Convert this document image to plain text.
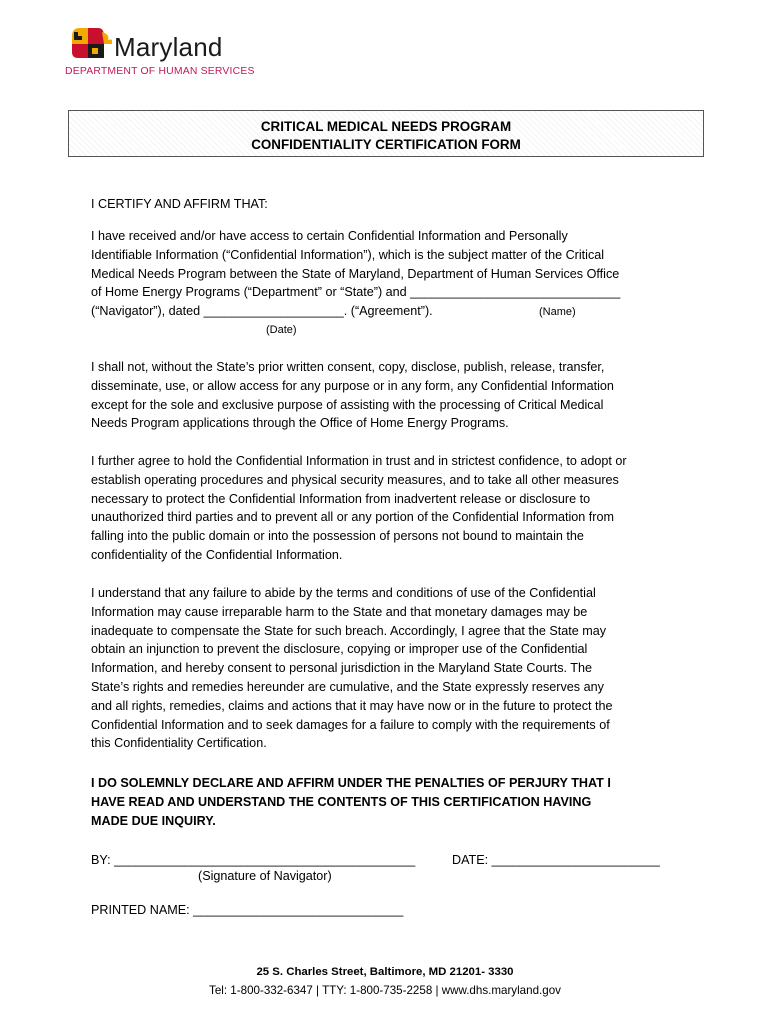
Maryland
DEPARTMENT OF HUMAN SERVICES
CRITICAL MEDICAL NEEDS PROGRAM
CONFIDENTIALITY CERTIFICATION FORM
I CERTIFY AND AFFIRM THAT:

I have received and/or have access to certain Confidential Information and Personally

Identifiable Information (“Confidential Information”), which is the subject matter of the Critical

Medical Needs Program between the State of Maryland, Department of Human Services Office

of Home Energy Programs (“Department” or “State”) and ______________________________

(“Navigator”), dated ____________________. (“Agreement”).	(Name)
(Date)

I shall not, without the State’s prior written consent, copy, disclose, publish, release, transfer,

disseminate, use, or allow access for any purpose or in any form, any Confidential Information

except for the sole and exclusive purpose of assisting with the processing of Critical Medical

Needs Program applications through the Office of Home Energy Programs.

I further agree to hold the Confidential Information in trust and in strictest confidence, to adopt or

establish operating procedures and physical security measures, and to take all other measures

necessary to protect the Confidential Information from inadvertent release or disclosure to

unauthorized third parties and to prevent all or any portion of the Confidential Information from

falling into the public domain or into the possession of persons not bound to maintain the

confidentiality of the Confidential Information.

I understand that any failure to abide by the terms and conditions of use of the Confidential

Information may cause irreparable harm to the State and that monetary damages may be

inadequate to compensate the State for such breach. Accordingly, I agree that the State may

obtain an injunction to prevent the disclosure, copying or improper use of the Confidential

Information, and hereby consent to personal jurisdiction in the Maryland State Courts. The

State’s rights and remedies hereunder are cumulative, and the State expressly reserves any

and all rights, remedies, claims and actions that it may have now or in the future to protect the

Confidential Information and to seek damages for a failure to comply with the requirements of

this Confidentiality Certification.

I DO SOLEMNLY DECLARE AND AFFIRM UNDER THE PENALTIES OF PERJURY THAT I

HAVE READ AND UNDERSTAND THE CONTENTS OF THIS CERTIFICATION HAVING

MADE DUE INQUIRY.

BY: ___________________________________________	DATE: ________________________
(Signature of Navigator)
PRINTED NAME: ______________________________
25 S. Charles Street, Baltimore, MD 21201- 3330
Tel: 1-800-332-6347 | TTY: 1-800-735-2258 | www.dhs.maryland.gov
